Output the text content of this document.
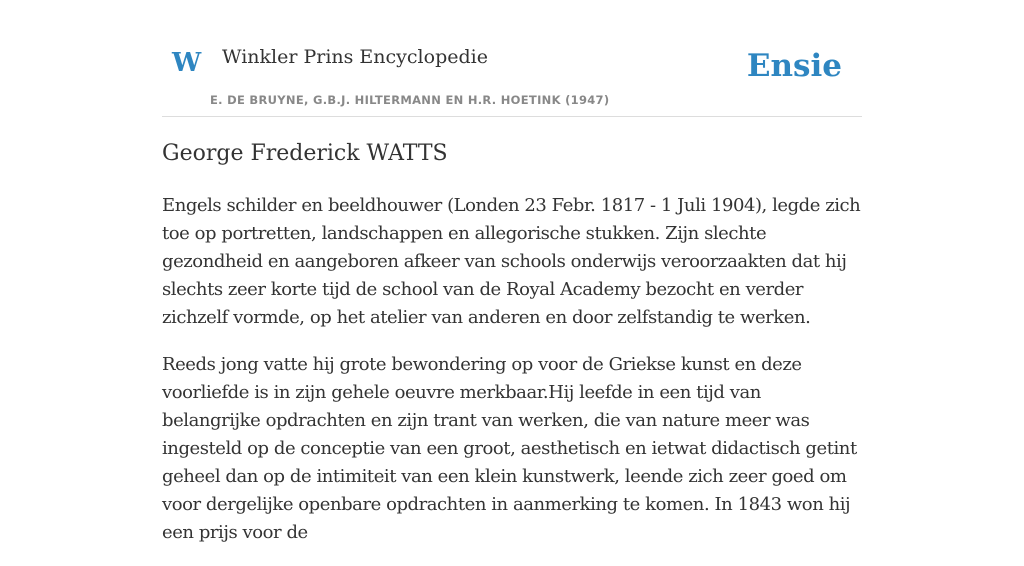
W Winkler Prins Encyclopedie
E. DE BRUYNE, G.B.J. HILTERMANN EN H.R. HOETINK (1947)
Ensie
George Frederick WATTS

Engels schilder en beeldhouwer (Londen 23 Febr. 1817 - 1 Juli 1904), legde zich toe op portretten, landschappen en allegorische stukken. Zijn slechte gezondheid en aangeboren afkeer van schools onderwijs veroorzaakten dat hij slechts zeer korte tijd de school van de Royal Academy bezocht en verder zichzelf vormde, op het atelier van anderen en door zelfstandig te werken.

Reeds jong vatte hij grote bewondering op voor de Griekse kunst en deze voorliefde is in zijn gehele oeuvre merkbaar.Hij leefde in een tijd van belangrijke opdrachten en zijn trant van werken, die van nature meer was ingesteld op de conceptie van een groot, aesthetisch en ietwat didactisch getint geheel dan op de intimiteit van een klein kunstwerk, leende zich zeer goed om voor dergelijke openbare opdrachten in aanmerking te komen. In 1843 won hij een prijs voor de
